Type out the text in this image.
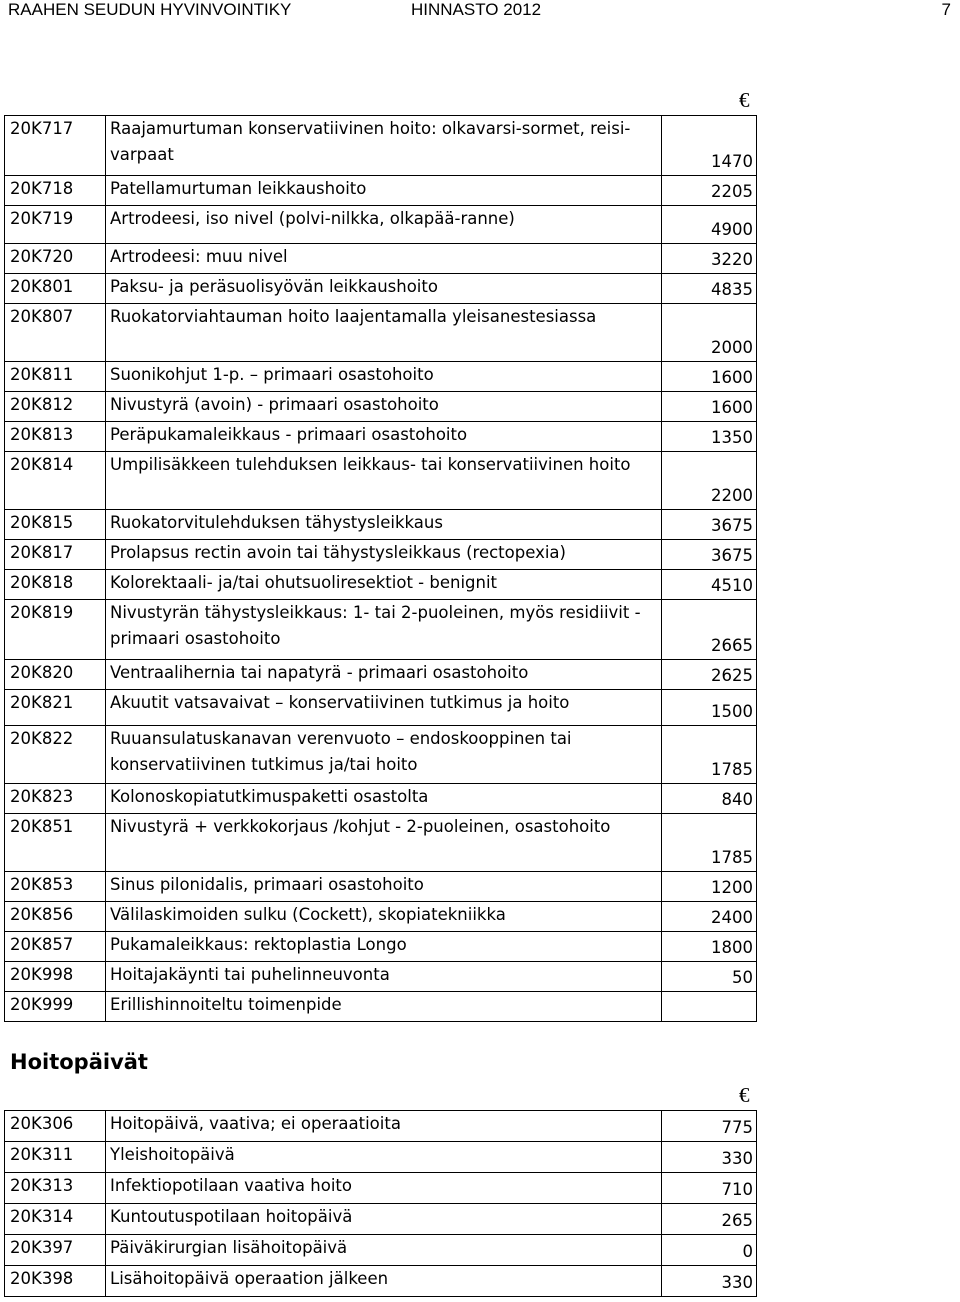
RAAHEN SEUDUN HYVINVOINTIKY	HINNASTO 2012	7
€
20K717	Raajamurtuman konservatiivinen hoito: olkavarsi-sormet, reisi-varpaat	1470

20K718	Patellamurtuman leikkaushoito	2205

20K719	Artrodeesi, iso nivel (polvi-nilkka, olkapää-ranne)	4900

20K720	Artrodeesi: muu nivel	3220

20K801	Paksu- ja peräsuolisyövän leikkaushoito	4835

20K807	Ruokatorviahtauman hoito laajentamalla yleisanestesiassa	2000

20K811	Suonikohjut 1-p. – primaari osastohoito	1600

20K812	Nivustyrä (avoin) - primaari osastohoito	1600

20K813	Peräpukamaleikkaus - primaari osastohoito	1350

20K814	Umpilisäkkeen tulehduksen leikkaus- tai konservatiivinen hoito	2200

20K815	Ruokatorvitulehduksen tähystysleikkaus	3675

20K817	Prolapsus rectin avoin tai tähystysleikkaus (rectopexia)	3675

20K818	Kolorektaali- ja/tai ohutsuoliresektiot - benignit	4510

20K819	Nivustyrän tähystysleikkaus: 1- tai 2-puoleinen, myös residiivit - primaari osastohoito	2665

20K820	Ventraalihernia tai napatyrä - primaari osastohoito	2625

20K821	Akuutit vatsavaivat – konservatiivinen tutkimus ja hoito	1500

20K822	Ruuansulatuskanavan verenvuoto – endoskooppinen tai konservatiivinen tutkimus ja/tai hoito	1785

20K823	Kolonoskopiatutkimuspaketti osastolta	840

20K851	Nivustyrä + verkkokorjaus /kohjut - 2-puoleinen, osastohoito	1785

20K853	Sinus pilonidalis, primaari osastohoito	1200

20K856	Välilaskimoiden sulku (Cockett), skopiatekniikka	2400

20K857	Pukamaleikkaus: rektoplastia Longo	1800

20K998	Hoitajakäynti tai puhelinneuvonta	50

20K999	Erillishinnoiteltu toimenpide	
Hoitopäivät
€
20K306	Hoitopäivä, vaativa; ei operaatioita	775

20K311	Yleishoitopäivä	330

20K313	Infektiopotilaan vaativa hoito	710

20K314	Kuntoutuspotilaan hoitopäivä	265

20K397	Päiväkirurgian lisähoitopäivä	0

20K398	Lisähoitopäivä operaation jälkeen	330
